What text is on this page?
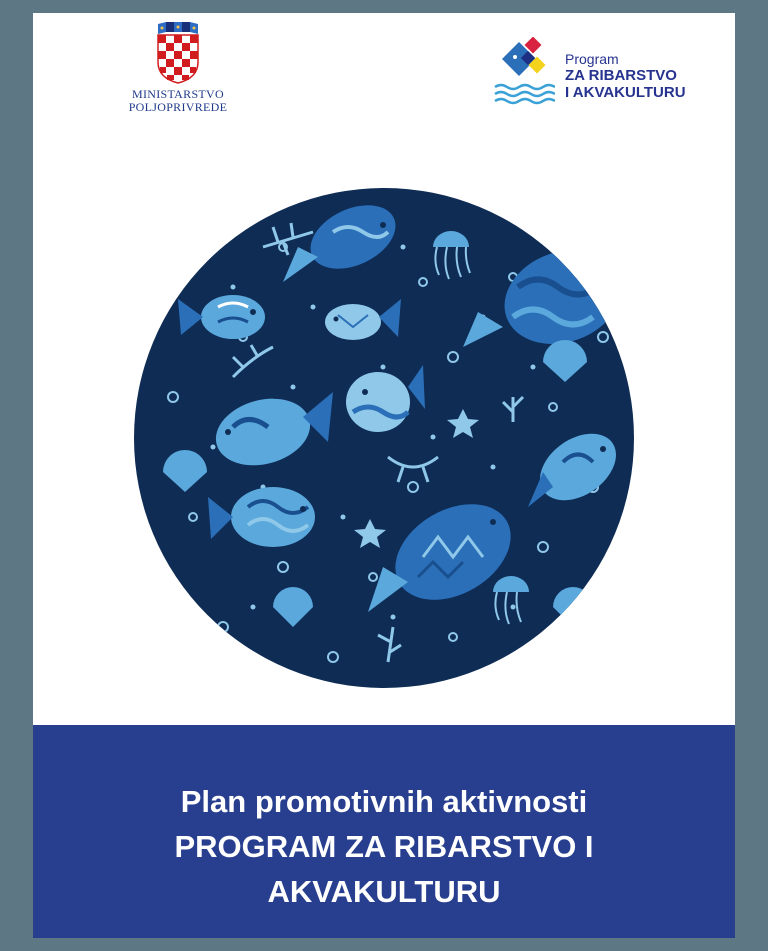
MINISTARSTVO
POLJOPRIVREDE
Program
ZA RIBARSTVO
I AKVAKULTURU
Plan promotivnih aktivnosti
PROGRAM ZA RIBARSTVO I
AKVAKULTURU
